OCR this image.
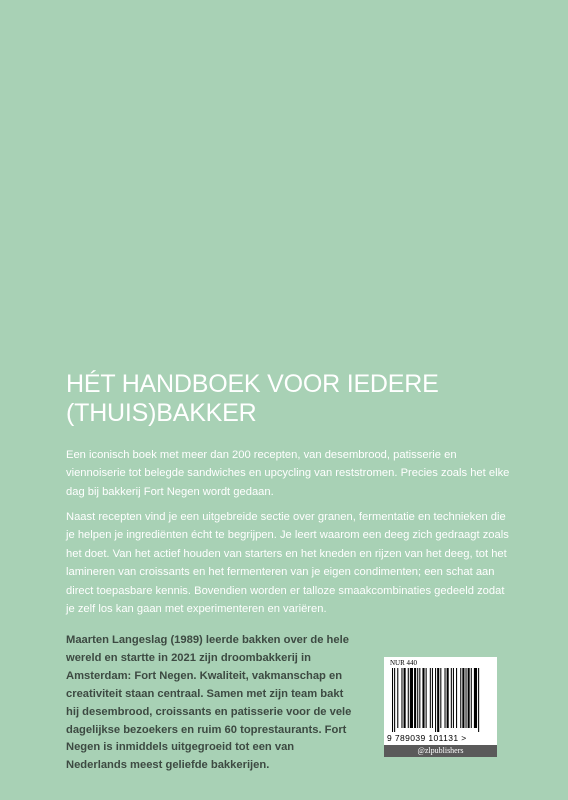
HÉT HANDBOEK VOOR IEDERE (THUIS)BAKKER

Een iconisch boek met meer dan 200 recepten, van desembrood, patisserie en viennoiserie tot belegde sandwiches en upcycling van reststromen. Precies zoals het elke dag bij bakkerij Fort Negen wordt gedaan.

Naast recepten vind je een uitgebreide sectie over granen, fermentatie en technieken die je helpen je ingrediënten écht te begrijpen. Je leert waarom een deeg zich gedraagt zoals het doet. Van het actief houden van starters en het kneden en rijzen van het deeg, tot het lamineren van croissants en het fermenteren van je eigen condimenten; een schat aan direct toepasbare kennis. Bovendien worden er talloze smaakcombinaties gedeeld zodat je zelf los kan gaan met experimenteren en variëren.

Maarten Langeslag (1989) leerde bakken over de hele wereld en startte in 2021 zijn droombakkerij in Amsterdam: Fort Negen. Kwaliteit, vakmanschap en creativiteit staan centraal. Samen met zijn team bakt hij desembrood, croissants en patisserie voor de vele dagelijkse bezoekers en ruim 60 toprestaurants. Fort Negen is inmiddels uitgegroeid tot een van Nederlands meest geliefde bakkerijen.

NUR 440
9 789039 101131 >
@zlpublishers
